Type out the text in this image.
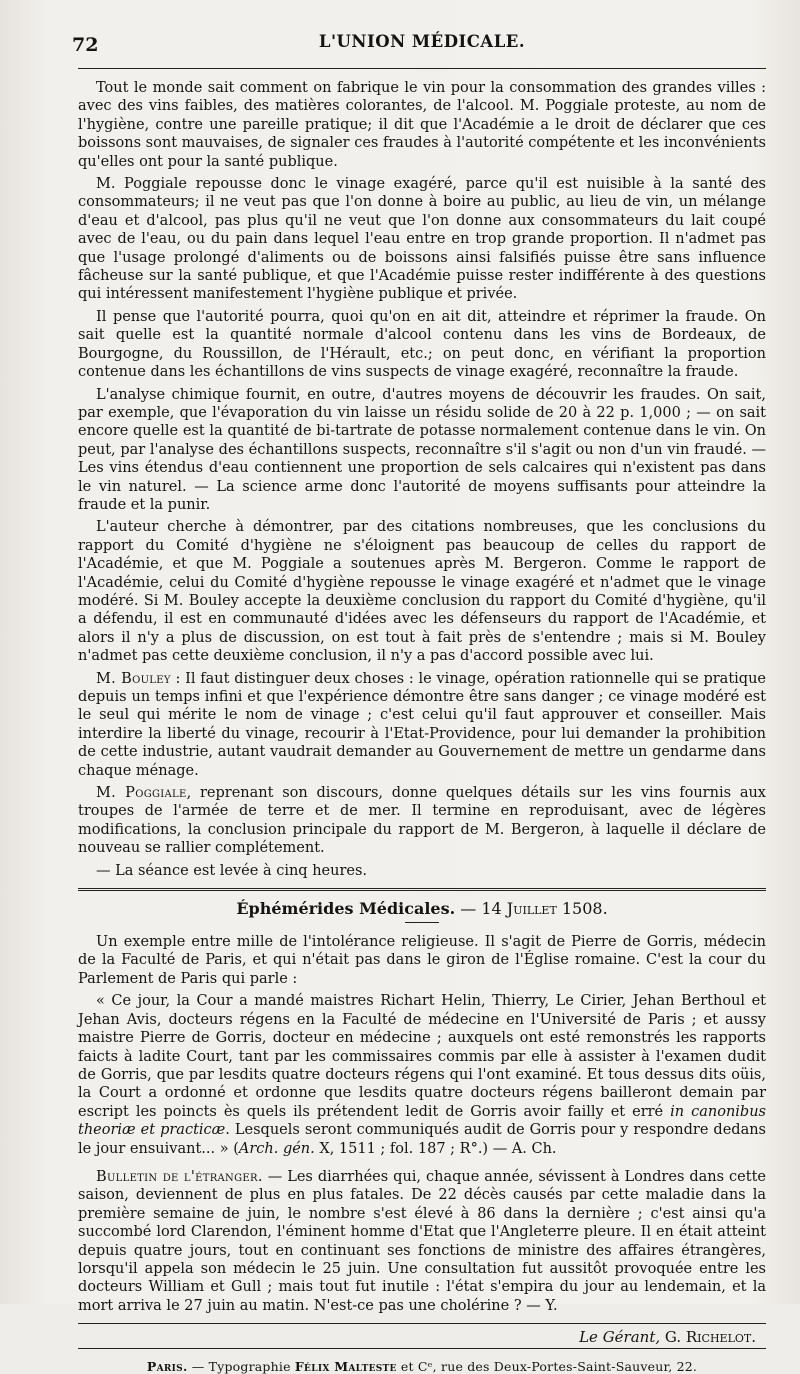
72	L'UNION MÉDICALE.

Tout le monde sait comment on fabrique le vin pour la consommation des grandes villes : avec des vins faibles, des matières colorantes, de l'alcool. M. Poggiale proteste, au nom de l'hygiène, contre une pareille pratique; il dit que l'Académie a le droit de déclarer que ces boissons sont mauvaises, de signaler ces fraudes à l'autorité compétente et les inconvénients qu'elles ont pour la santé publique.

M. Poggiale repousse donc le vinage exagéré, parce qu'il est nuisible à la santé des consommateurs; il ne veut pas que l'on donne à boire au public, au lieu de vin, un mélange d'eau et d'alcool, pas plus qu'il ne veut que l'on donne aux consommateurs du lait coupé avec de l'eau, ou du pain dans lequel l'eau entre en trop grande proportion. Il n'admet pas que l'usage prolongé d'aliments ou de boissons ainsi falsifiés puisse être sans influence fâcheuse sur la santé publique, et que l'Académie puisse rester indifférente à des questions qui intéressent manifestement l'hygiène publique et privée.

Il pense que l'autorité pourra, quoi qu'on en ait dit, atteindre et réprimer la fraude. On sait quelle est la quantité normale d'alcool contenu dans les vins de Bordeaux, de Bourgogne, du Roussillon, de l'Hérault, etc.; on peut donc, en vérifiant la proportion contenue dans les échantillons de vins suspects de vinage exagéré, reconnaître la fraude.

L'analyse chimique fournit, en outre, d'autres moyens de découvrir les fraudes. On sait, par exemple, que l'évaporation du vin laisse un résidu solide de 20 à 22 p. 1,000 ; — on sait encore quelle est la quantité de bi-tartrate de potasse normalement contenue dans le vin. On peut, par l'analyse des échantillons suspects, reconnaître s'il s'agit ou non d'un vin fraudé. — Les vins étendus d'eau contiennent une proportion de sels calcaires qui n'existent pas dans le vin naturel. — La science arme donc l'autorité de moyens suffisants pour atteindre la fraude et la punir.

L'auteur cherche à démontrer, par des citations nombreuses, que les conclusions du rapport du Comité d'hygiène ne s'éloignent pas beaucoup de celles du rapport de l'Académie, et que M. Poggiale a soutenues après M. Bergeron. Comme le rapport de l'Académie, celui du Comité d'hygiène repousse le vinage exagéré et n'admet que le vinage modéré. Si M. Bouley accepte la deuxième conclusion du rapport du Comité d'hygiène, qu'il a défendu, il est en communauté d'idées avec les défenseurs du rapport de l'Académie, et alors il n'y a plus de discussion, on est tout à fait près de s'entendre ; mais si M. Bouley n'admet pas cette deuxième conclusion, il n'y a pas d'accord possible avec lui.

M. Bouley : Il faut distinguer deux choses : le vinage, opération rationnelle qui se pratique depuis un temps infini et que l'expérience démontre être sans danger ; ce vinage modéré est le seul qui mérite le nom de vinage ; c'est celui qu'il faut approuver et conseiller. Mais interdire la liberté du vinage, recourir à l'Etat-Providence, pour lui demander la prohibition de cette industrie, autant vaudrait demander au Gouvernement de mettre un gendarme dans chaque ménage.

M. Poggiale, reprenant son discours, donne quelques détails sur les vins fournis aux troupes de l'armée de terre et de mer. Il termine en reproduisant, avec de légères modifications, la conclusion principale du rapport de M. Bergeron, à laquelle il déclare de nouveau se rallier complétement.

— La séance est levée à cinq heures.

Éphémérides Médicales. — 14 Juillet 1508.

Un exemple entre mille de l'intolérance religieuse. Il s'agit de Pierre de Gorris, médecin de la Faculté de Paris, et qui n'était pas dans le giron de l'Église romaine. C'est la cour du Parlement de Paris qui parle :

« Ce jour, la Cour a mandé maistres Richart Helin, Thierry, Le Cirier, Jehan Berthoul et Jehan Avis, docteurs régens en la Faculté de médecine en l'Université de Paris ; et aussy maistre Pierre de Gorris, docteur en médecine ; auxquels ont esté remonstrés les rapports faicts à ladite Court, tant par les commissaires commis par elle à assister à l'examen dudit de Gorris, que par lesdits quatre docteurs régens qui l'ont examiné. Et tous dessus dits oüis, la Court a ordonné et ordonne que lesdits quatre docteurs régens bailleront demain par escript les poincts ès quels ils prétendent ledit de Gorris avoir failly et erré in canonibus theoriæ et practicæ. Lesquels seront communiqués audit de Gorris pour y respondre dedans le jour ensuivant... » (Arch. gén. X, 1511 ; fol. 187 ; R°.) — A. Ch.

Bulletin de l'étranger. — Les diarrhées qui, chaque année, sévissent à Londres dans cette saison, deviennent de plus en plus fatales. De 22 décès causés par cette maladie dans la première semaine de juin, le nombre s'est élevé à 86 dans la dernière ; c'est ainsi qu'a succombé lord Clarendon, l'éminent homme d'Etat que l'Angleterre pleure. Il en était atteint depuis quatre jours, tout en continuant ses fonctions de ministre des affaires étrangères, lorsqu'il appela son médecin le 25 juin. Une consultation fut aussitôt provoquée entre les docteurs William et Gull ; mais tout fut inutile : l'état s'empira du jour au lendemain, et la mort arriva le 27 juin au matin. N'est-ce pas une cholérine ? — Y.

Le Gérant, G. Richelot.
Paris. — Typographie Félix Malteste et Cᵉ, rue des Deux-Portes-Saint-Sauveur, 22.
